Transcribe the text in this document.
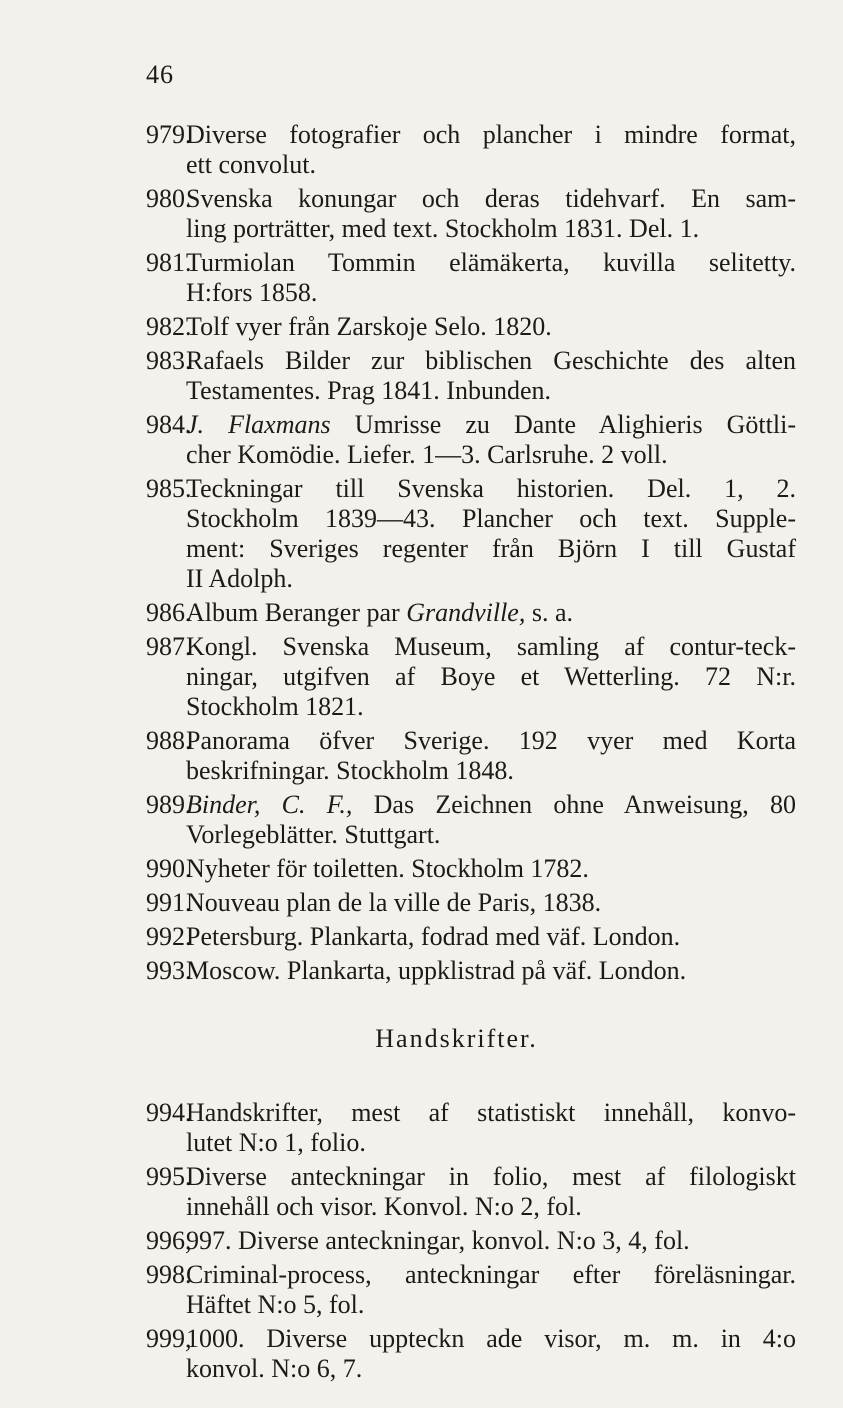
46
979.
Diverse fotografier och plancher i mindre format,
ett convolut.
980.
Svenska konungar och deras tidehvarf. En sam-
ling porträtter, med text. Stockholm 1831. Del. 1.
981.
Turmiolan Tommin elämäkerta, kuvilla selitetty.
H:fors 1858.
982.
Tolf vyer från Zarskoje Selo. 1820.
983.
Rafaels Bilder zur biblischen Geschichte des alten
Testamentes. Prag 1841. Inbunden.
984.
J. Flaxmans Umrisse zu Dante Alighieris Göttli-
cher Komödie. Liefer. 1—3. Carlsruhe. 2 voll.
985.
Teckningar till Svenska historien. Del. 1, 2.
Stockholm 1839—43. Plancher och text. Supple-
ment: Sveriges regenter från Björn I till Gustaf
II Adolph.
986.
Album Beranger par Grandville, s. a.
987.
Kongl. Svenska Museum, samling af contur-teck-
ningar, utgifven af Boye et Wetterling. 72 N:r.
Stockholm 1821.
988.
Panorama öfver Sverige. 192 vyer med Korta
beskrifningar. Stockholm 1848.
989.
Binder, C. F., Das Zeichnen ohne Anweisung, 80
Vorlegeblätter. Stuttgart.
990.
Nyheter för toiletten. Stockholm 1782.
991.
Nouveau plan de la ville de Paris, 1838.
992.
Petersburg. Plankarta, fodrad med väf. London.
993.
Moscow. Plankarta, uppklistrad på väf. London.
Handskrifter.
994.
Handskrifter, mest af statistiskt innehåll, konvo-
lutet N:o 1, folio.
995.
Diverse anteckningar in folio, mest af filologiskt
innehåll och visor. Konvol. N:o 2, fol.
996,
997. Diverse anteckningar, konvol. N:o 3, 4, fol.
998.
Criminal-process, anteckningar efter föreläsningar.
Häftet N:o 5, fol.
999,
1000. Diverse uppteckn ade visor, m. m. in 4:o
konvol. N:o 6, 7.
